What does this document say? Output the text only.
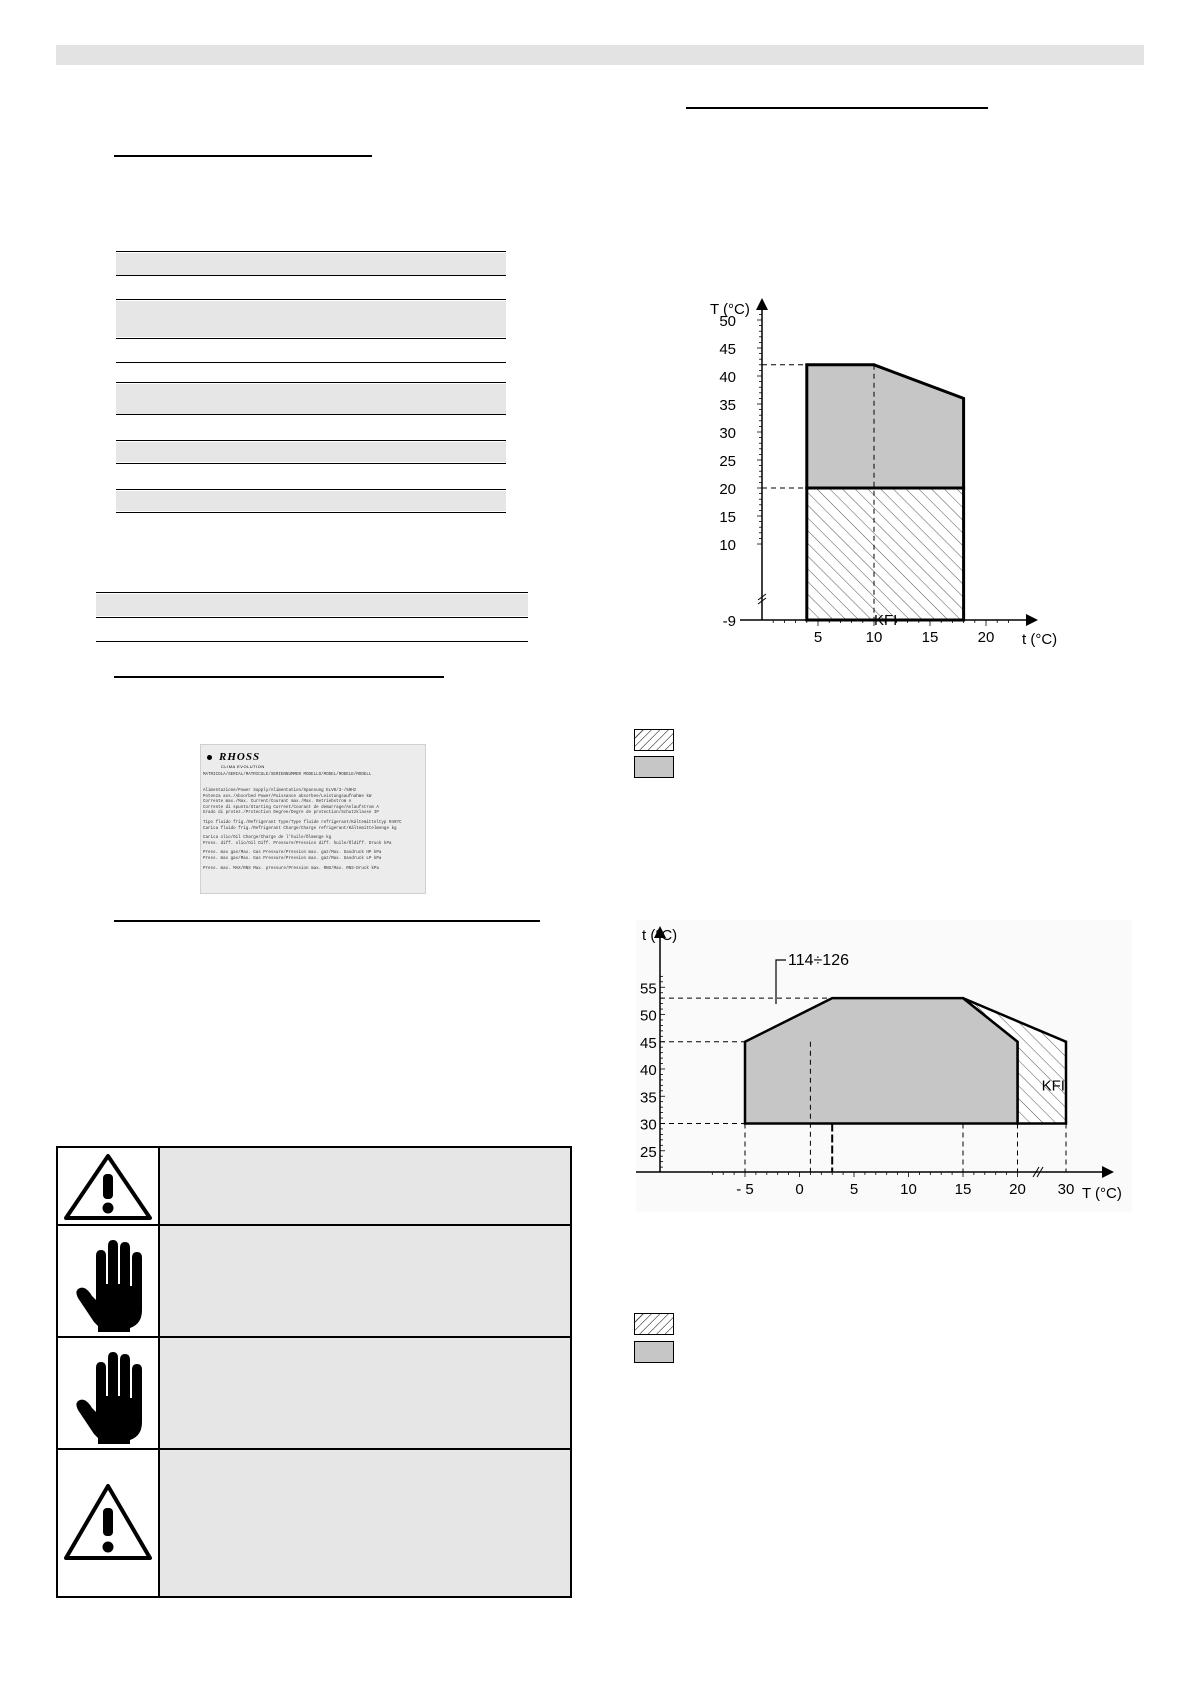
RHOSS
CLIMA EVOLUTION
MATRICOLA/SERIAL/MATRICULE/SERIENNUMMER MODELLO/MODEL/MODELE/MODELL
Alimentazione/Power Supply/Alimentation/Spannung ELV0/3-/50Hz
Potenza ass./Absorbed Power/Puissance absorbee/Leistungsaufnahme kW
Corrente max./Max. Current/Courant max./Max. Betriebstrom A
Corrente di spunto/Starting Current/Courant de demarrage/Anlaufstrom A
Grado di protez./Protection Degree/Degre de protection/Schutzklasse IP
Tipo fluido frig./Refrigerant Type/Type fluide refrigerant/Kältemitteltyp R407C
Carica fluido frig./Refrigerant Charge/Charge refrigerant/Kältemittelmenge kg
Carica olio/Oil Charge/Charge de l'huile/Ölmenge kg
Press. diff. olio/Oil Diff. Pressure/Pression diff. huile/Öldiff. Druck kPa
Press. max gas/Max. Gas Pressure/Pression max. gaz/Max. Gasdruck HP kPa
Press. max gas/Max. Gas Pressure/Pression max. gaz/Max. Gasdruck LP kPa
Press. max. MAX/RNS Max. pressure/Pression max. RNS/Max. RNS-Druck kPa
50
45
40
35
30
25
20
15
10
-9
5	10	15	20
T (°C)
t (°C)
KFI
55
50
45
40
35
30
25
- 5	0	5	10	15	20 30
t (°C)
T (°C)
114÷126
KFI
